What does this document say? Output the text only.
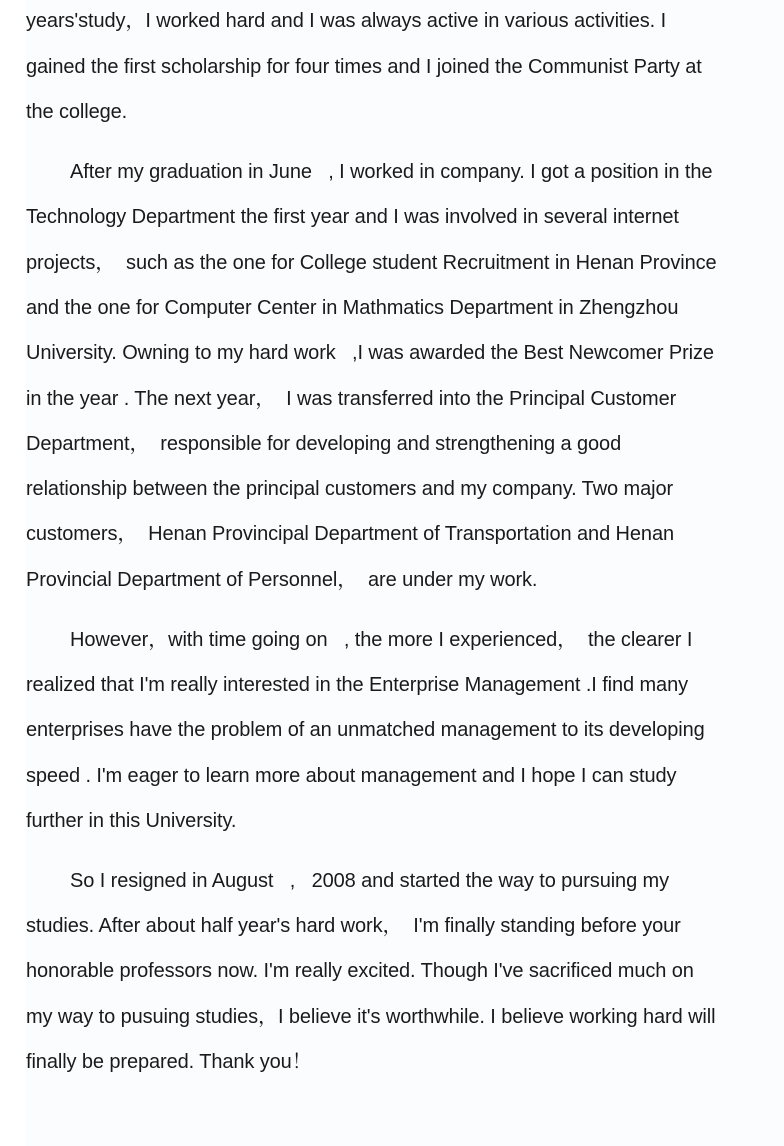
years'study，I worked hard and I was always active in various activities. I
gained the first scholarship for four times and I joined the Communist Party at
the college.
After my graduation in June   , I worked in company. I got a position in the
Technology Department the first year and I was involved in several internet
projects，  such as the one for College student Recruitment in Henan Province
and the one for Computer Center in Mathmatics Department in Zhengzhou
University. Owning to my hard work   ,I was awarded the Best Newcomer Prize
in the year . The next year，  I was transferred into the Principal Customer
Department，  responsible for developing and strengthening a good
relationship between the principal customers and my company. Two major
customers，  Henan Provincipal Department of Transportation and Henan
Provincial Department of Personnel，  are under my work.
However，with time going on   , the more I experienced，  the clearer I
realized that I'm really interested in the Enterprise Management .I find many
enterprises have the problem of an unmatched management to its developing
speed . I'm eager to learn more about management and I hope I can study
further in this University.
So I resigned in August   ,   2008 and started the way to pursuing my
studies. After about half year's hard work，  I'm finally standing before your
honorable professors now. I'm really excited. Though I've sacrificed much on
my way to pusuing studies，I believe it's worthwhile. I believe working hard will
finally be prepared. Thank you！
